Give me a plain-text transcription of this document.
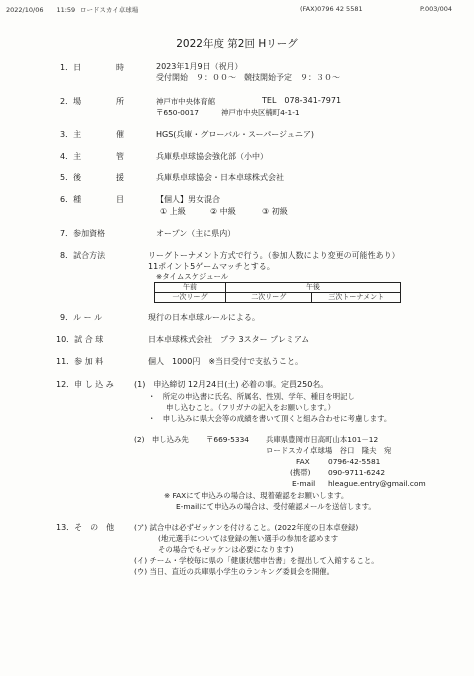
2022/10/06　　11:59 ロードスカイ卓球場	(FAX)0796 42 5581	P.003/004
2022年度 第2回 Hリーグ
1．日	時	2023年1月9日（祝月）
受付開始　９：００～　競技開始予定　９：３０～
2．場	所	神戸市中央体育館	TEL　078-341-7971
〒650-0017	神戸市中央区楠町4-1-1
3．主	催	HGS(兵庫・グローバル・スーパージュニア)
4．主	管	兵庫県卓球協会強化部（小中）
5．後	援	兵庫県卓球協会・日本卓球株式会社
6．種	目	【個人】男女混合
① 上級	② 中級	③ 初級
7．参加資格	オープン（主に県内）
8．試合方法	リーグトーナメント方式で行う。（参加人数により変更の可能性あり）
11ポイント5ゲームマッチとする。
※タイムスケジュール
午前	午後	
一次リーグ	二次リーグ	三次トーナメント
9．ル ー ル	現行の日本卓球ルールによる。
10．試 合 球	日本卓球株式会社　プラ 3スター プレミアム
11．参 加 料	個人　1000円　※当日受付で支払うこと。
12．申 し 込 み	(1)　申込締切 12月24日(土) 必着の事。定員250名。
・　所定の申込書に氏名、所属名、性別、学年、種目を明記し
申し込むこと。（フリガナの記入をお願いします。）
・　申し込みに県大会等の成績を書いて頂くと組み合わせに考慮します。
(2)　申し込み先 〒669-5334 兵庫県豊岡市日高町山本101－12
ロードスカイ卓球場　谷口　隆夫　宛
FAX 0796-42-5581
(携帯) 090-9711-6242
E-mail hleague.entry@gmail.com
※ FAXにて申込みの場合は、現着確認をお願いします。
E-mailにて申込みの場合は、受付確認メールを送信します。
13．そ　の　他	(ア) 試合中は必ずゼッケンを付けること。(2022年度の日本卓登録)
(地元選手については登録の無い選手の参加を認めます
その場合でもゼッケンは必要になります)
(イ) チーム・学校毎に県の「健康状態申告書」を提出して入館すること。
(ウ) 当日、直近の兵庫県小学生のランキング委員会を開催。
